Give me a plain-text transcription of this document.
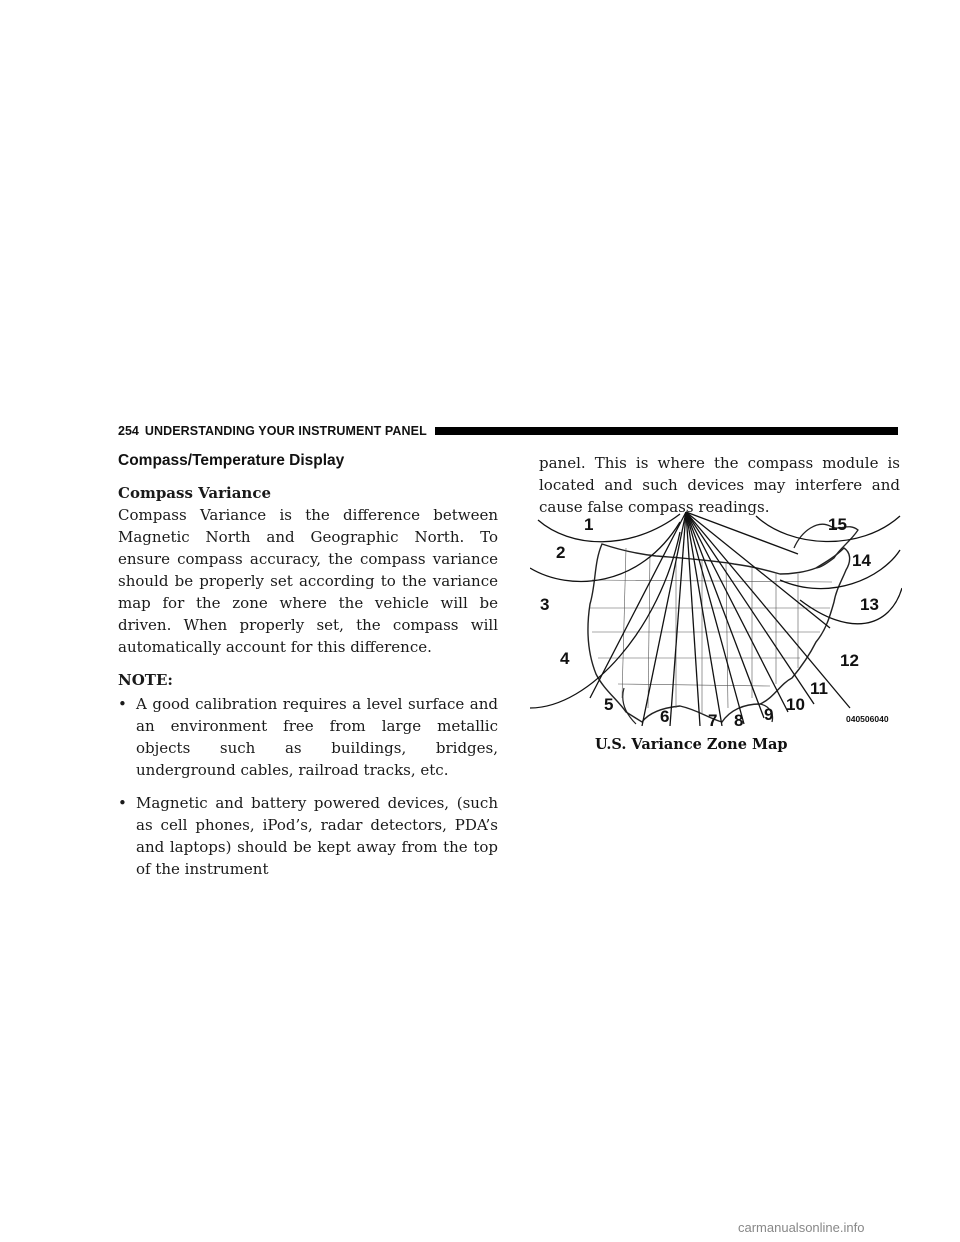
254 UNDERSTANDING YOUR INSTRUMENT PANEL
Compass/Temperature Display
Compass Variance

Compass Variance is the difference between Magnetic North and Geographic North. To ensure compass accuracy, the compass variance should be properly set according to the variance map for the zone where the vehicle will be driven. When properly set, the compass will automatically account for this difference.

NOTE:
• A good calibration requires a level surface and an environment free from large metallic objects such as buildings, bridges, underground cables, railroad tracks, etc.
• Magnetic and battery powered devices, (such as cell phones, iPod’s, radar detectors, PDA’s and laptops) should be kept away from the top of the instrument

panel. This is where the compass module is located and such devices may interfere and cause false compass readings.

1
2
3
4
5
6 7 8 9
10
11
12
13
14
15
040506040
U.S. Variance Zone Map
carmanualsonline.info
